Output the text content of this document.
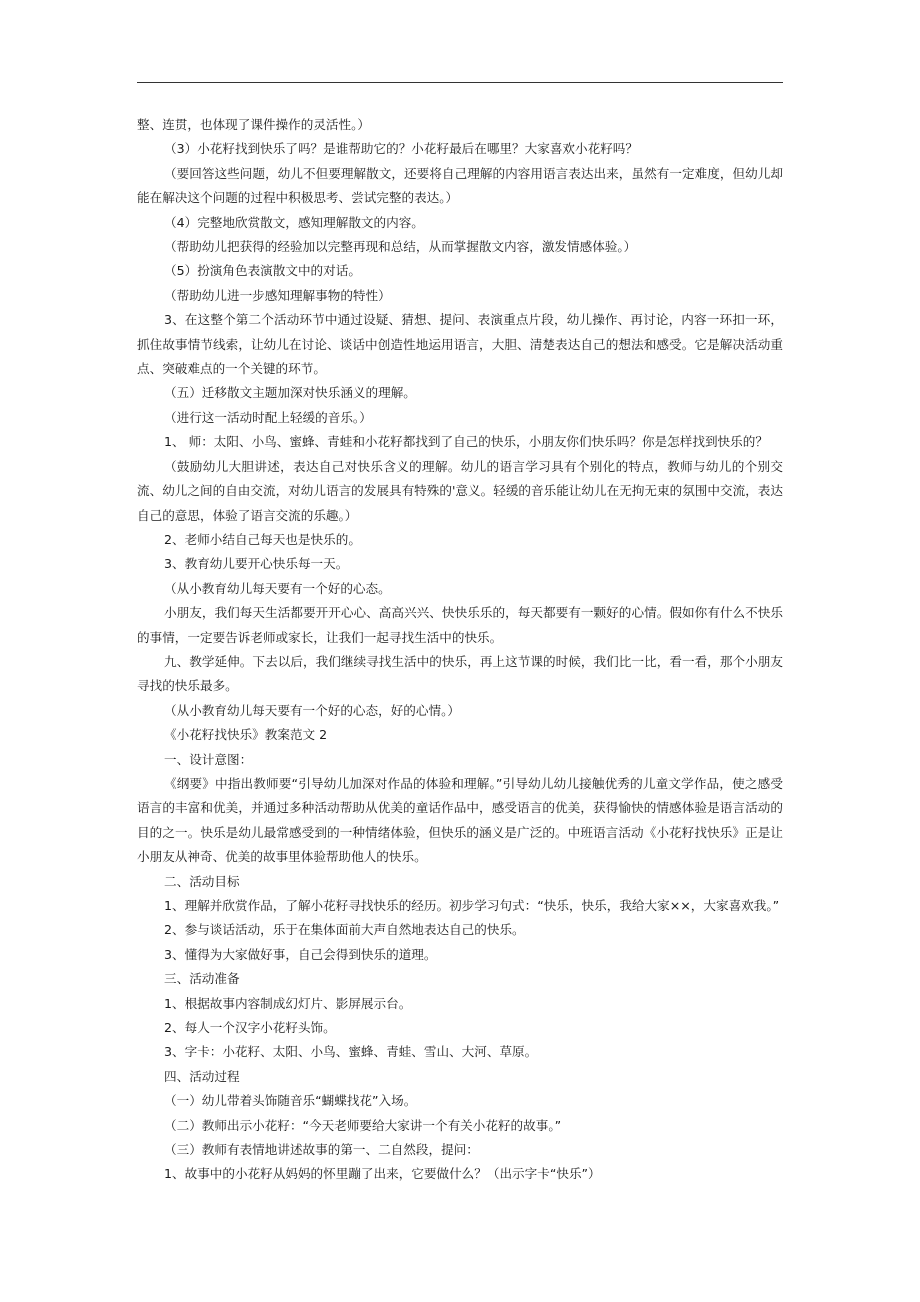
整、连贯，也体现了课件操作的灵活性。）

（3）小花籽找到快乐了吗？是谁帮助它的？小花籽最后在哪里？大家喜欢小花籽吗？

（要回答这些问题，幼儿不但要理解散文，还要将自己理解的内容用语言表达出来，虽然有一定难度，但幼儿却能在解决这个问题的过程中积极思考、尝试完整的表达。）

（4）完整地欣赏散文，感知理解散文的内容。

（帮助幼儿把获得的经验加以完整再现和总结，从而掌握散文内容，激发情感体验。）

（5）扮演角色表演散文中的对话。

（帮助幼儿进一步感知理解事物的特性）

3、在这整个第二个活动环节中通过设疑、猜想、提问、表演重点片段，幼儿操作、再讨论，内容一环扣一环，抓住故事情节线索，让幼儿在讨论、谈话中创造性地运用语言，大胆、清楚表达自己的想法和感受。它是解决活动重点、突破难点的一个关键的环节。

（五）迁移散文主题加深对快乐涵义的理解。

（进行这一活动时配上轻缓的音乐。）

1、 师：太阳、小鸟、蜜蜂、青蛙和小花籽都找到了自己的快乐，小朋友你们快乐吗？你是怎样找到快乐的？

（鼓励幼儿大胆讲述，表达自己对快乐含义的理解。幼儿的语言学习具有个别化的特点，教师与幼儿的个别交流、幼儿之间的自由交流，对幼儿语言的发展具有特殊的'意义。轻缓的音乐能让幼儿在无拘无束的氛围中交流，表达自己的意思，体验了语言交流的乐趣。）

2、老师小结自己每天也是快乐的。

3、教育幼儿要开心快乐每一天。

（从小教育幼儿每天要有一个好的心态。

小朋友，我们每天生活都要开开心心、高高兴兴、快快乐乐的，每天都要有一颗好的心情。假如你有什么不快乐的事情，一定要告诉老师或家长，让我们一起寻找生活中的快乐。

九、教学延伸。下去以后，我们继续寻找生活中的快乐，再上这节课的时候，我们比一比，看一看，那个小朋友寻找的快乐最多。

（从小教育幼儿每天要有一个好的心态，好的心情。）

《小花籽找快乐》教案范文 2

一、设计意图：

《纲要》中指出教师要“引导幼儿加深对作品的体验和理解。”引导幼儿幼儿接触优秀的儿童文学作品，使之感受语言的丰富和优美，并通过多种活动帮助从优美的童话作品中，感受语言的优美，获得愉快的情感体验是语言活动的目的之一。快乐是幼儿最常感受到的一种情绪体验，但快乐的涵义是广泛的。中班语言活动《小花籽找快乐》正是让小朋友从神奇、优美的故事里体验帮助他人的快乐。

二、活动目标

1、理解并欣赏作品，了解小花籽寻找快乐的经历。初步学习句式：“快乐，快乐，我给大家××，大家喜欢我。”

2、参与谈话活动，乐于在集体面前大声自然地表达自己的快乐。

3、懂得为大家做好事，自己会得到快乐的道理。

三、活动准备

1、根据故事内容制成幻灯片、影屏展示台。

2、每人一个汉字小花籽头饰。

3、字卡：小花籽、太阳、小鸟、蜜蜂、青蛙、雪山、大河、草原。

四、活动过程

（一）幼儿带着头饰随音乐“蝴蝶找花”入场。

（二）教师出示小花籽：“今天老师要给大家讲一个有关小花籽的故事。”

（三）教师有表情地讲述故事的第一、二自然段，提问：

1、故事中的小花籽从妈妈的怀里蹦了出来，它要做什么？（出示字卡“快乐”）
